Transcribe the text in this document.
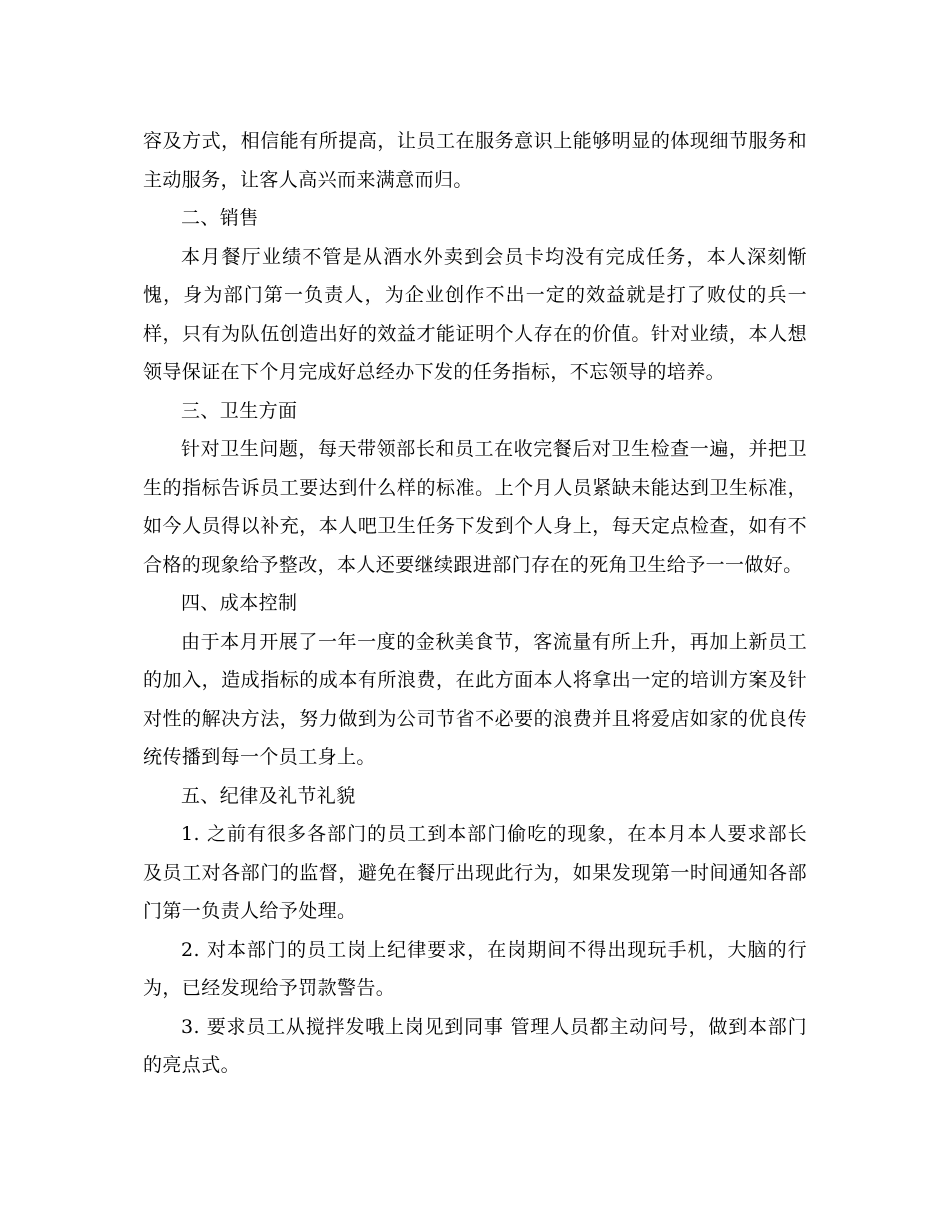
容及方式，相信能有所提高，让员工在服务意识上能够明显的体现细节服务和主动服务，让客人高兴而来满意而归。

二、销售

本月餐厅业绩不管是从酒水外卖到会员卡均没有完成任务，本人深刻惭愧，身为部门第一负责人，为企业创作不出一定的效益就是打了败仗的兵一样，只有为队伍创造出好的效益才能证明个人存在的价值。针对业绩，本人想领导保证在下个月完成好总经办下发的任务指标，不忘领导的培养。

三、卫生方面

针对卫生问题，每天带领部长和员工在收完餐后对卫生检查一遍，并把卫生的指标告诉员工要达到什么样的标准。上个月人员紧缺未能达到卫生标准，如今人员得以补充，本人吧卫生任务下发到个人身上，每天定点检查，如有不合格的现象给予整改，本人还要继续跟进部门存在的死角卫生给予一一做好。

四、成本控制

由于本月开展了一年一度的金秋美食节，客流量有所上升，再加上新员工的加入，造成指标的成本有所浪费，在此方面本人将拿出一定的培训方案及针对性的解决方法，努力做到为公司节省不必要的浪费并且将爱店如家的优良传统传播到每一个员工身上。

五、纪律及礼节礼貌

1. 之前有很多各部门的员工到本部门偷吃的现象，在本月本人要求部长及员工对各部门的监督，避免在餐厅出现此行为，如果发现第一时间通知各部门第一负责人给予处理。

2. 对本部门的员工岗上纪律要求，在岗期间不得出现玩手机，大脑的行为，已经发现给予罚款警告。

3. 要求员工从搅拌发哦上岗见到同事 管理人员都主动问号，做到本部门的亮点式。
